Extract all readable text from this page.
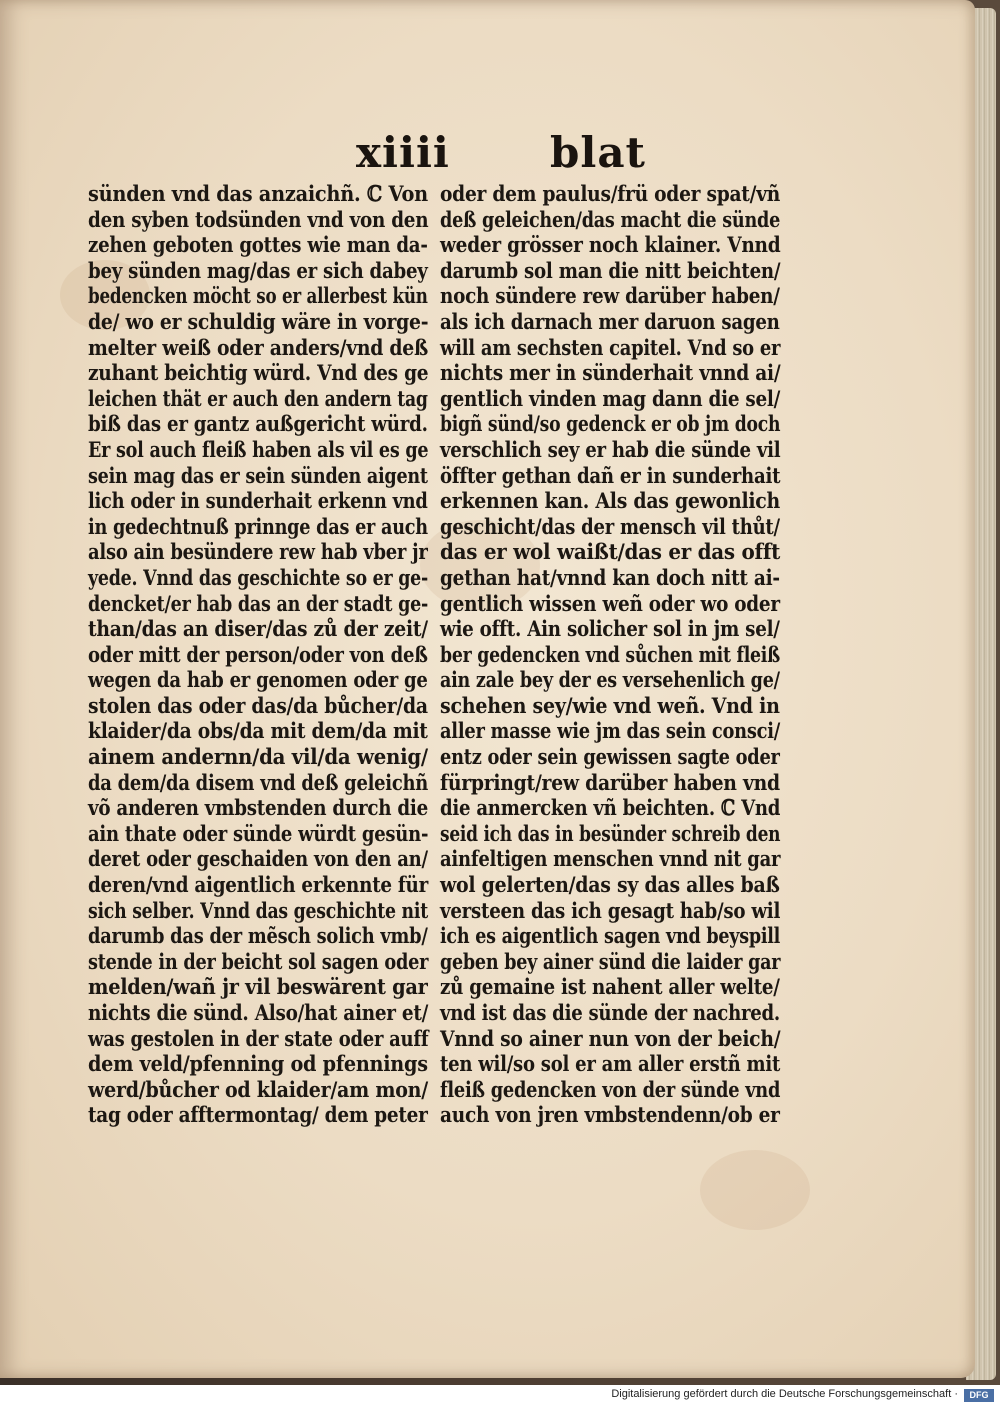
xiiii blat
sünden vnd das anzaichñ. ℂ Von
den syben todsünden vnd von den
zehen geboten gottes wie man da-
bey sünden mag/das er sich dabey
bedencken möcht so er allerbest kün
de/ wo er schuldig wäre in vorge-
melter weiß oder anders/vnd deß
zuhant beichtig würd. Vnd des ge
leichen thät er auch den andern tag
biß das er gantz außgericht würd.
Er sol auch fleiß haben als vil es ge
sein mag das er sein sünden aigent
lich oder in sunderhait erkenn vnd
in gedechtnuß prinnge das er auch
also ain besündere rew hab vber jr
yede. Vnnd das geschichte so er ge-
dencket/er hab das an der stadt ge-
than/das an diser/das zů der zeit/
oder mitt der person/oder von deß
wegen da hab er genomen oder ge
stolen das oder das/da bůcher/da
klaider/da obs/da mit dem/da mit
ainem andernn/da vil/da wenig/
da dem/da disem vnd deß geleichñ
võ anderen vmbstenden durch die
ain thate oder sünde würdt gesün-
deret oder geschaiden von den an/
deren/vnd aigentlich erkennte für
sich selber. Vnnd das geschichte nit
darumb das der mẽsch solich vmb/
stende in der beicht sol sagen oder
melden/wañ jr vil beswärent gar
nichts die sünd. Also/hat ainer et/
was gestolen in der state oder auff
dem veld/pfenning od pfennings
werd/bůcher od klaider/am mon/
tag oder afftermontag/ dem peter
oder dem paulus/frü oder spat/vñ
deß geleichen/das macht die sünde
weder grösser noch klainer. Vnnd
darumb sol man die nitt beichten/
noch sündere rew darüber haben/
als ich darnach mer daruon sagen
will am sechsten capitel. Vnd so er
nichts mer in sünderhait vnnd ai/
gentlich vinden mag dann die sel/
bigñ sünd/so gedenck er ob jm doch
verschlich sey er hab die sünde vil
öffter gethan dañ er in sunderhait
erkennen kan. Als das gewonlich
geschicht/das der mensch vil thůt/
das er wol waißt/das er das offt
gethan hat/vnnd kan doch nitt ai-
gentlich wissen weñ oder wo oder
wie offt. Ain solicher sol in jm sel/
ber gedencken vnd sůchen mit fleiß
ain zale bey der es versehenlich ge/
schehen sey/wie vnd weñ. Vnd in
aller masse wie jm das sein consci/
entz oder sein gewissen sagte oder
fürpringt/rew darüber haben vnd
die anmercken vñ beichten. ℂ Vnd
seid ich das in besünder schreib den
ainfeltigen menschen vnnd nit gar
wol gelerten/das sy das alles baß
versteen das ich gesagt hab/so wil
ich es aigentlich sagen vnd beyspill
geben bey ainer sünd die laider gar
zů gemaine ist nahent aller welte/
vnd ist das die sünde der nachred.
Vnnd so ainer nun von der beich/
ten wil/so sol er am aller erstñ mit
fleiß gedencken von der sünde vnd
auch von jren vmbstendenn/ob er
Digitalisierung gefördert durch die Deutsche Forschungsgemeinschaft ·	DFG
